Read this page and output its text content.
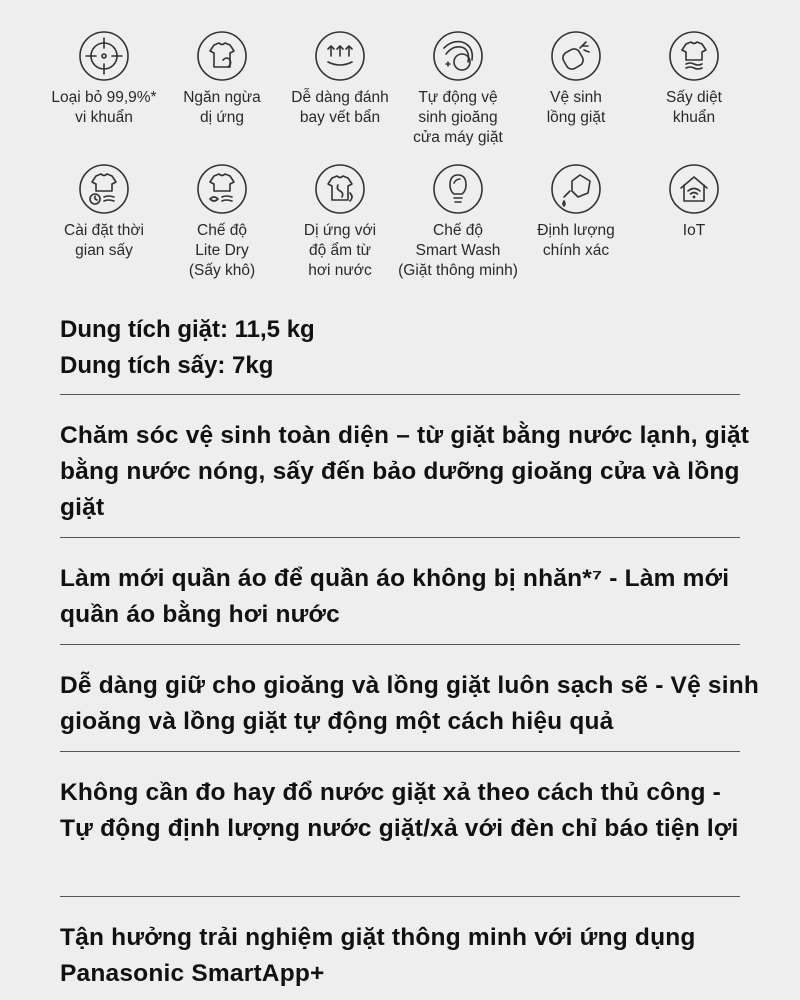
Loại bỏ 99,9%*
vi khuẩn
Ngăn ngừa
dị ứng
Dễ dàng đánh
bay vết bẩn
Tự động vệ
sinh gioăng
cửa máy giặt
Vệ sinh
lồng giặt
Sấy diệt
khuẩn
Cài đặt thời
gian sấy
Chế độ
Lite Dry
(Sấy khô)
Dị ứng với
độ ẩm từ
hơi nước
Chế độ
Smart Wash
(Giặt thông minh)
Định lượng
chính xác
IoT
Dung tích giặt: 11,5 kg
Dung tích sấy: 7kg
Chăm sóc vệ sinh toàn diện – từ giặt bằng nước lạnh, giặt bằng nước nóng, sấy đến bảo dưỡng gioăng cửa và lồng giặt
Làm mới quần áo để quần áo không bị nhăn*⁷ - Làm mới quần áo bằng hơi nước
Dễ dàng giữ cho gioăng và lồng giặt luôn sạch sẽ - Vệ sinh gioăng và lồng giặt tự động một cách hiệu quả
Không cần đo hay đổ nước giặt xả theo cách thủ công - Tự động định lượng nước giặt/xả với đèn chỉ báo tiện lợi
Tận hưởng trải nghiệm giặt thông minh với ứng dụng Panasonic SmartApp+
